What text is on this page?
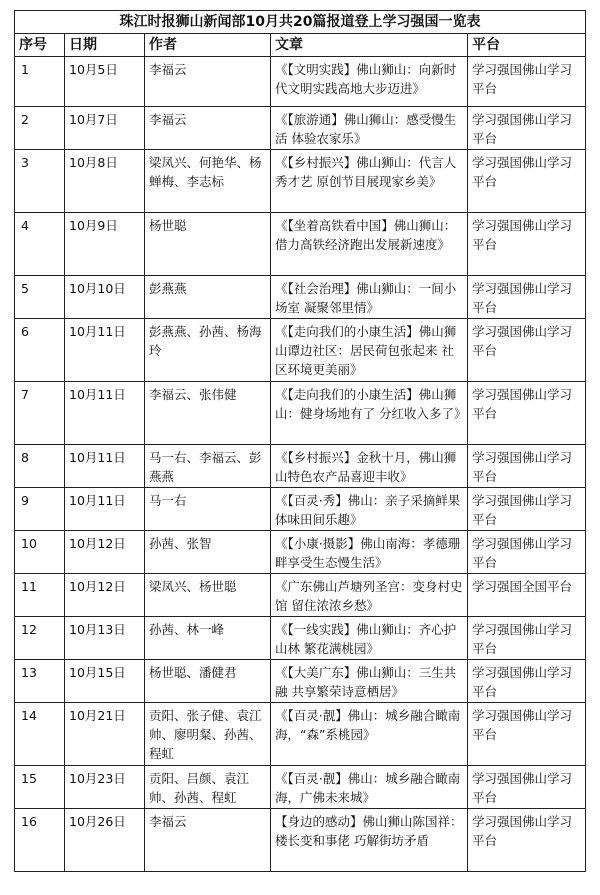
珠江时报狮山新闻部10月共20篇报道登上学习强国一览表				
序号	日期	作者	文章	平台
1	10月5日	李福云	《【文明实践】佛山狮山：向新时代文明实践高地大步迈进》	学习强国佛山学习平台
2	10月7日	李福云	《【旅游通】佛山狮山：感受慢生活 体验农家乐》	学习强国佛山学习平台
3	10月8日	梁凤兴、何艳华、杨蝉梅、李志标	《【乡村振兴】佛山狮山：代言人秀才艺 原创节目展现家乡美》	学习强国佛山学习平台
4	10月9日	杨世聪	《【坐着高铁看中国】佛山狮山：借力高铁经济跑出发展新速度》	学习强国佛山学习平台
5	10月10日	彭燕燕	《【社会治理】佛山狮山：一间小场室 凝聚邻里情》	学习强国佛山学习平台
6	10月11日	彭燕燕、孙茜、杨海玲	《【走向我们的小康生活】佛山狮山谭边社区：居民荷包张起来 社区环境更美丽》	学习强国佛山学习平台
7	10月11日	李福云、张伟健	《【走向我们的小康生活】佛山狮山：健身场地有了 分红收入多了》	学习强国佛山学习平台
8	10月11日	马一右、李福云、彭燕燕	《【乡村振兴】金秋十月，佛山狮山特色农产品喜迎丰收》	学习强国佛山学习平台
9	10月11日	马一右	《【百灵·秀】佛山：亲子采摘鲜果 体味田间乐趣》	学习强国佛山学习平台
10	10月12日	孙茜、张智	《【小康·摄影】佛山南海：孝德珊畔享受生态慢生活》	学习强国佛山学习平台
11	10月12日	梁凤兴、杨世聪	《广东佛山芦塘列圣宫：变身村史馆 留住浓浓乡愁》	学习强国全国平台
12	10月13日	孙茜、林一峰	《【一线实践】佛山狮山：齐心护山林 繁花满桃园》	学习强国佛山学习平台
13	10月15日	杨世聪、潘健君	《【大美广东】佛山狮山：三生共融 共享繁荣诗意栖居》	学习强国佛山学习平台
14	10月21日	贡阳、张子健、袁江帅、廖明粲、孙茜、程虹	《【百灵·靓】佛山：城乡融合瞰南海，“森”系桃园》	学习强国佛山学习平台
15	10月23日	贡阳、吕颜、袁江帅、孙茜、程虹	《【百灵·靓】佛山：城乡融合瞰南海，广佛未来城》	学习强国佛山学习平台
16	10月26日	李福云	【身边的感动】佛山狮山陈国祥：楼长变和事佬 巧解街坊矛盾	学习强国佛山学习平台
